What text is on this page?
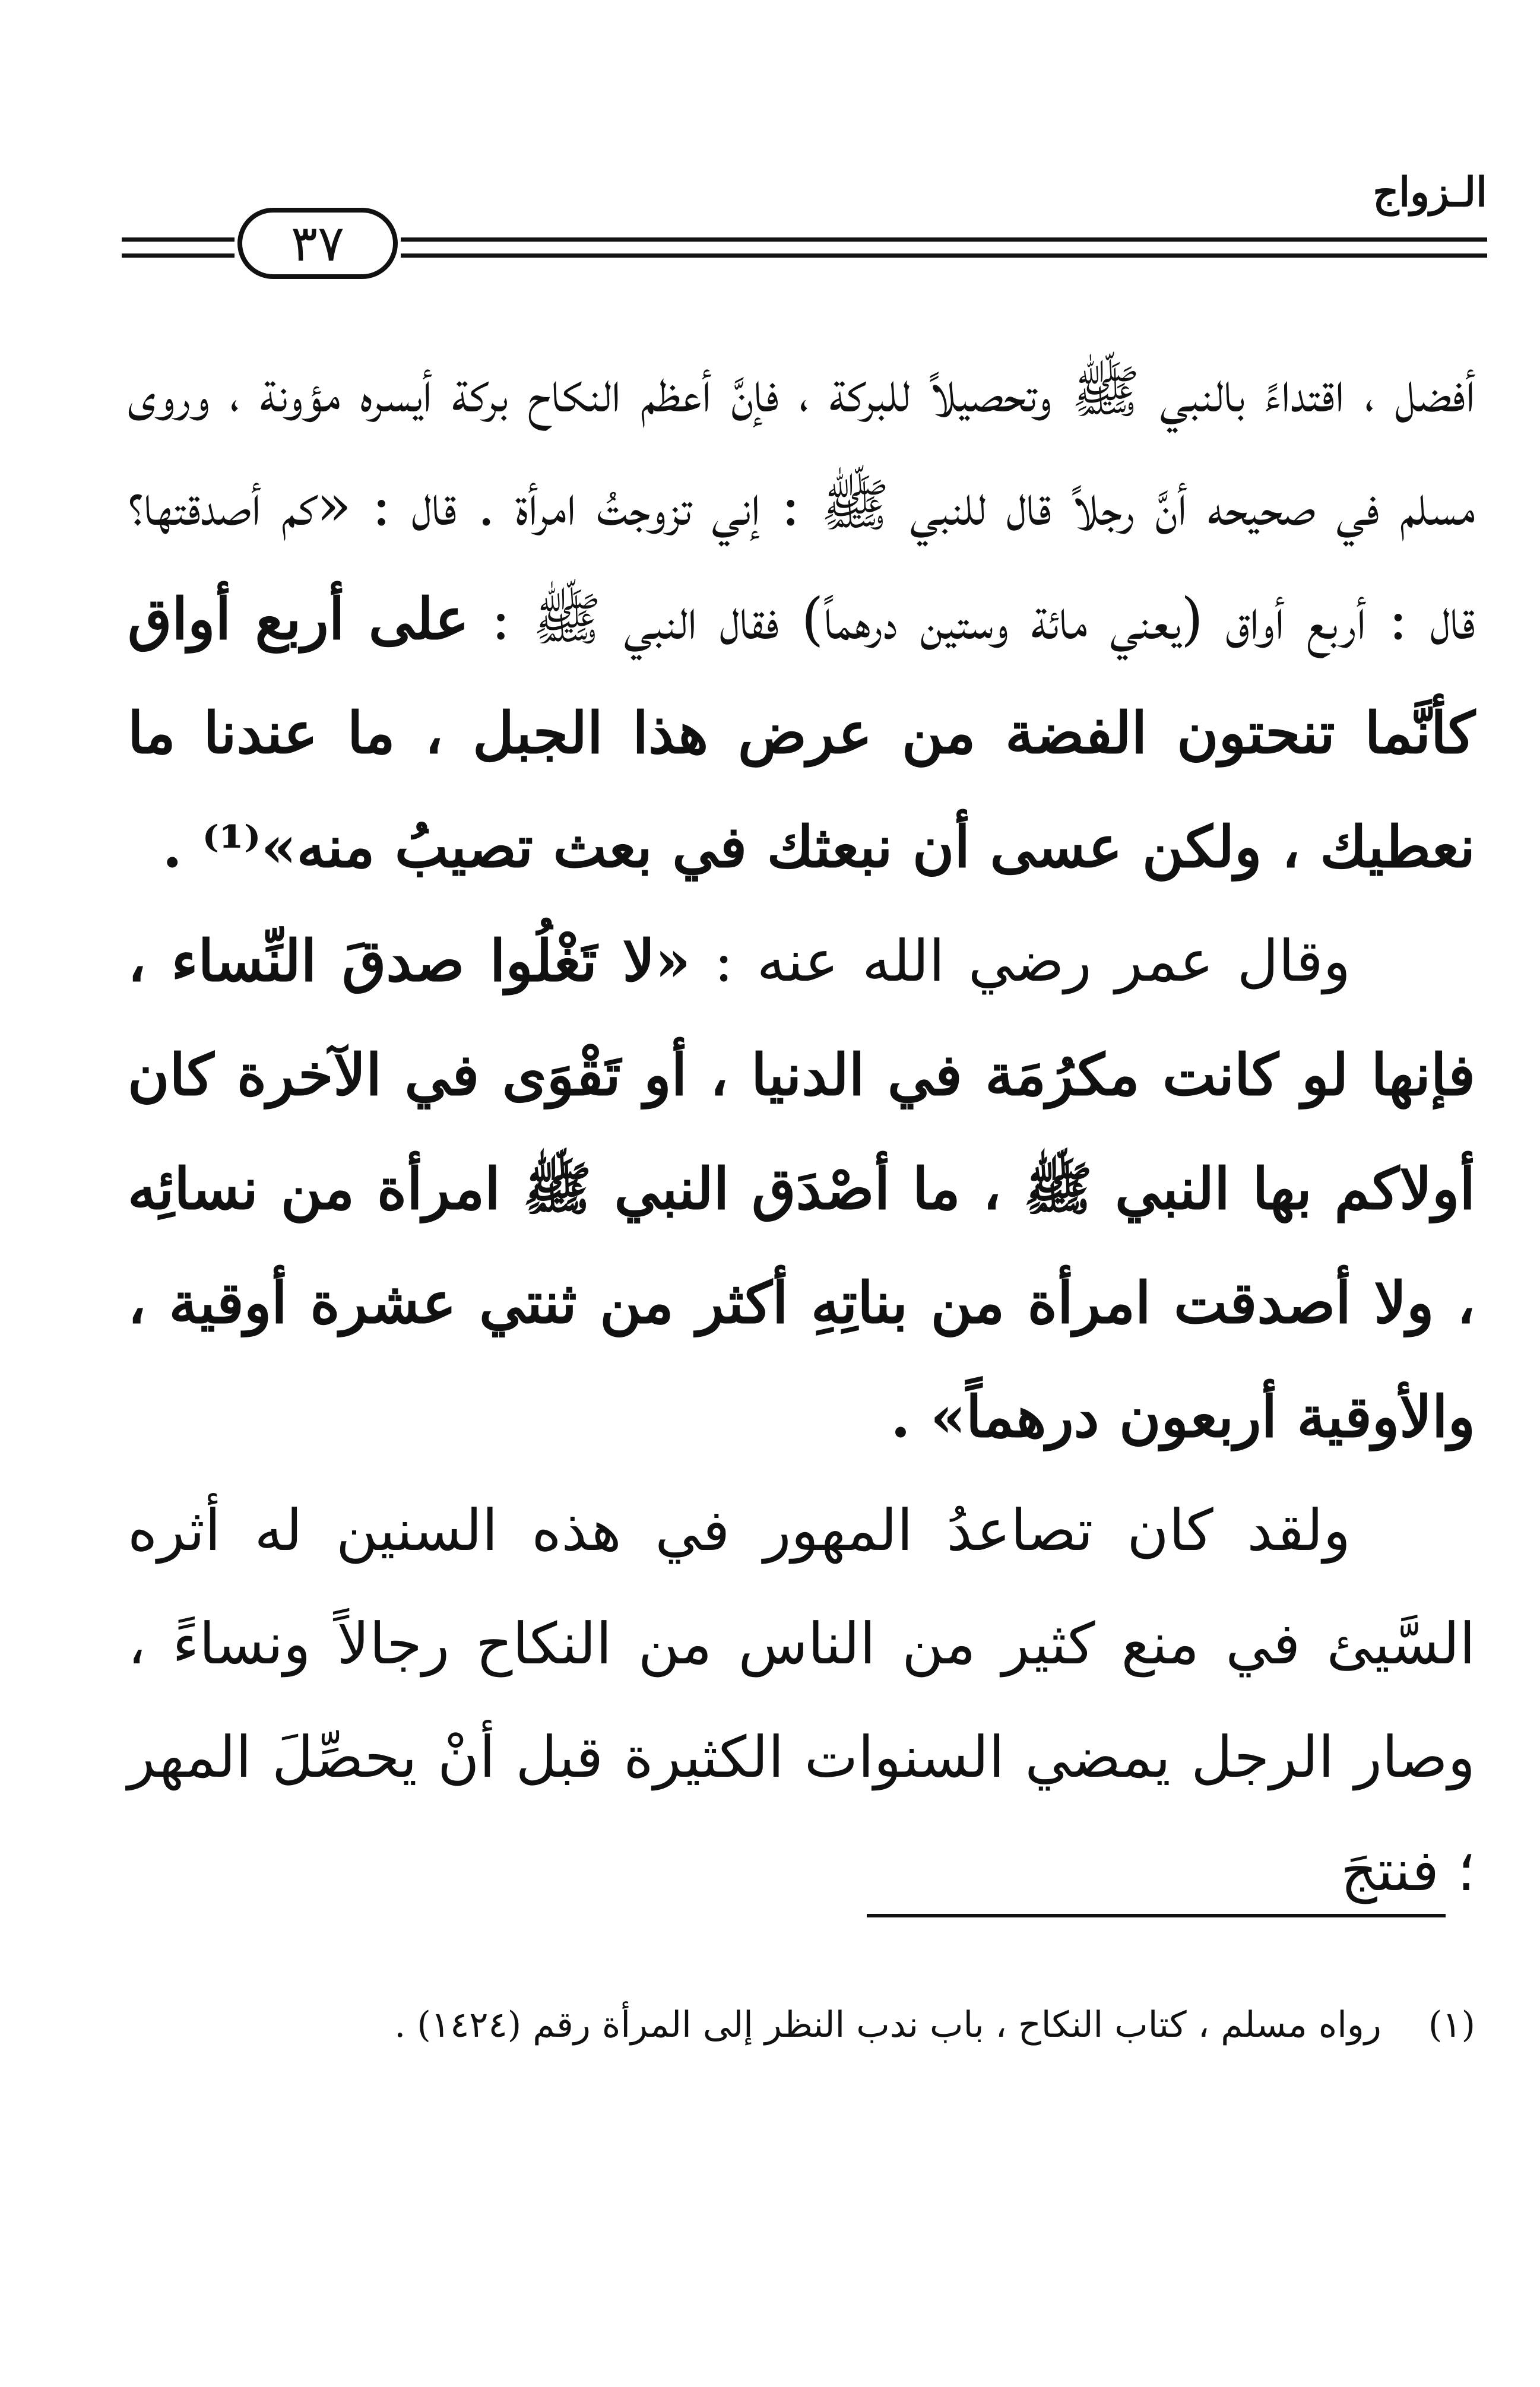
الـزواج
٣٧

أفضل ، اقتداءً بالنبي ﷺ وتحصيلاً للبركة ، فإنَّ أعظم النكاح بركة أيسره مؤونة ، وروى مسلم في صحيحه أنَّ رجلاً قال للنبي ﷺ : إني تزوجتُ امرأة . قال : «كم أصدقتها؟ قال : أربع أواق (يعني مائة وستين درهماً) فقال النبي ﷺ : على أربع أواق كأنَّما تنحتون الفضة من عرض هذا الجبل ، ما عندنا ما نعطيك ، ولكن عسى أن نبعثك في بعث تصيبُ منه»⁽¹⁾ .

وقال عمر رضي الله عنه : «لا تَغْلُوا صدقَ النِّساء ، فإنها لو كانت مكرُمَة في الدنيا ، أو تَقْوَى في الآخرة كان أولاكم بها النبي ﷺ ، ما أصْدَق النبي ﷺ امرأة من نسائِه ، ولا أصدقت امرأة من بناتِهِ أكثر من ثنتي عشرة أوقية ، والأوقية أربعون درهماً» .

ولقد كان تصاعدُ المهور في هذه السنين له أثره السَّيئ في منع كثير من الناس من النكاح رجالاً ونساءً ، وصار الرجل يمضي السنوات الكثيرة قبل أنْ يحصِّلَ المهر ؛ فنتجَ

(١) رواه مسلم ، كتاب النكاح ، باب ندب النظر إلى المرأة رقم (١٤٢٤) .
